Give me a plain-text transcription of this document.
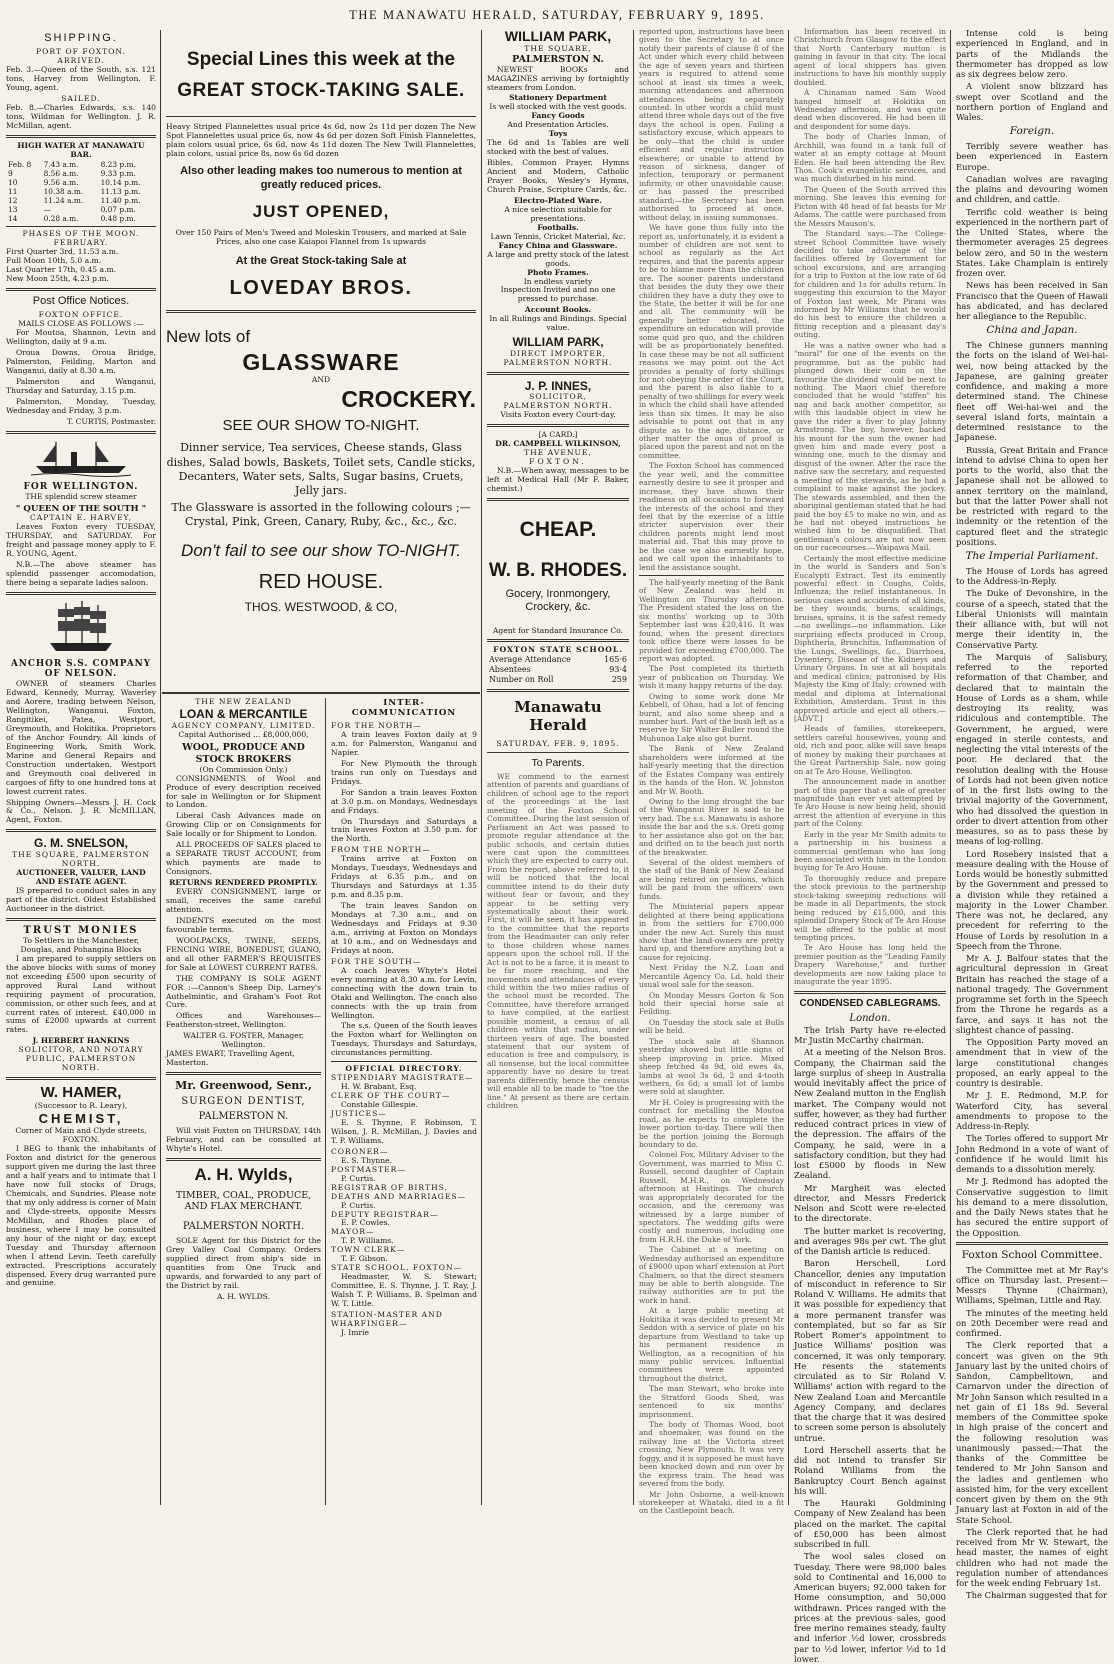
THE MANAWATU HERALD, SATURDAY, FEBRUARY 9, 1895.
SHIPPING.
PORT OF FOXTON.
ARRIVED.

Feb. 3.—Queen of the South, s.s. 121 tons, Harvey from Wellington. F. Young, agent.

SAILED.

Feb. 8.—Charles Edwards, s.s. 140 tons, Wildman for Wellington. J. R. McMillan, agent.

HIGH WATER AT MANAWATU BAR.
Feb. 8	7.43 a.m.	8.23 p.m.
9	8.56 a.m.	9.33 p.m.
10	9.56 a.m.	10.14 p.m.
11	10.38 a.m.	11.13 p.m.
12	11.24 a.m.	11.40 p.m.
13	—	0.07 p.m.
14	0.28 a.m.	0.48 p.m.
PHASES OF THE MOON.
FEBRUARY.
First Quarter 3rd, 11.53 a.m.
Full Moon 10th, 5.0 a.m.
Last Quarter 17th, 0.45 a.m.
New Moon 25th, 4.23 p.m.
Post Office Notices.
FOXTON OFFICE.
MAILS CLOSE AS FOLLOWS :—

For Moutoa, Shannon, Levin and Wellington, daily at 9 a.m.

Oroua Downs, Oroua Bridge, Palmerston, Feilding, Marton and Wanganui, daily at 8.30 a.m.

Palmerston and Wanganui, Thursday and Saturday, 3.15 p.m.

Palmerston, Monday, Tuesday, Wednesday and Friday, 3 p.m.

T. CURTIS, Postmaster.
FOR WELLINGTON.

THE splendid screw steamer

" QUEEN OF THE SOUTH "
CAPTAIN E. HARVEY,

Leaves Foxton every TUESDAY, THURSDAY, and SATURDAY. For freight and passage money apply to F. R. YOUNG, Agent.

N.B.—The above steamer has splendid passenger accomodation, there being a separate ladies saloon.

ANCHOR S.S. COMPANY OF NELSON.

OWNER of steamers Charles Edward, Kennedy, Murray, Waverley and Aorere, trading between Nelson, Wellington, Wanganui, Foxton, Rangitikei, Patea, Westport, Greymouth, and Hokitika. Proprietors of the Anchor Foundry. All kinds of Engineering Work, Smith Work, Marine and General Repairs and Construction undertaken. Westport and Greymouth coal delivered in cargoes of fifty to one hundred tons at lowest current rates.

Shipping Owners—Messrs J. H. Cock & Co., Nelson. J. R. McMILLAN, Agent, Foxton.

G. M. SNELSON,
THE SQUARE, PALMERSTON NORTH.
AUCTIONEER, VALUER, LAND AND ESTATE AGENT.

IS prepared to conduct sales in any part of the district. Oldest Established Auctioneer in the district.

TRUST MONIES
To Settlers in the Manchester, Douglas, and Pohangina Blocks

I am prepared to supply settlers on the above blocks with sums of money not exceeding £500 upon security of approved Rural Land without requiring payment of procuration, commission, or other such fees, and at current rates of interest. £40,000 in sums of £2000 upwards at current rates.

J. HERBERT HANKINS
SOLICITOR, AND NOTARY PUBLIC, PALMERSTON NORTH.
W. HAMER,
(Successor to R. Leary),
CHEMIST,
Corner of Main and Clyde streets, FOXTON.

I BEG to thank the inhabitants of Foxton and district for the generous support given me during the last three and a half years and to intimate that I have now full stocks of Drugs, Chemicals, and Sundries. Please note that my only address is corner of Main and Clyde-streets, opposite Messrs McMillan, and Rhodes place of business, where I may be consulted any hour of the night or day, except Tuesday and Thursday afternoon when I attend Levin. Teeth carefully extracted. Prescriptions accurately dispensed. Every drug warranted pure and genuine.

Special Lines this week at the
GREAT STOCK-TAKING SALE.

Heavy Striped Flannelettes usual price 4s 6d, now 2s 11d per dozen The New Spot Flannelettes usual price 6s, now 4s 6d per dozen Soft Finish Flannelettes, plain colors usual price, 6s 6d, now 4s 11d dozen The New Twill Flannelettes, plain colors, usual price 8s, now 6s 6d dozen

Also other leading makes too numerous to mention at greatly reduced prices.
JUST OPENED,

Over 150 Pairs of Men's Tweed and Moleskin Trousers, and marked at Sale Prices, also one case Kaiapoi Flannel from 1s upwards

At the Great Stock-taking Sale at
LOVEDAY BROS.
New lots of
GLASSWARE
AND
CROCKERY.
SEE OUR SHOW TO-NIGHT.

Dinner service, Tea services, Cheese stands, Glass dishes, Salad bowls, Baskets, Toilet sets, Candle sticks, Decanters, Water sets, Salts, Sugar basins, Cruets, Jelly jars.

The Glassware is assorted in the following colours ;— Crystal, Pink, Green, Canary, Ruby, &c., &c., &c.

Don't fail to see our show TO-NIGHT.
RED HOUSE.
THOS. WESTWOOD, & CO,
THE NEW ZEALAND
LOAN & MERCANTILE
AGENCY COMPANY, LIMITED.
Capital Authorised ... £8,000,000,
WOOL, PRODUCE AND STOCK BROKERS
(On Commission Only.)

CONSIGNMENTS of Wool and Produce of every description received for sale in Wellington or for Shipment to London.

Liberal Cash Advances made on Growing Clip or on Consignments for Sale locally or for Shipment to London.

ALL PROCEEDS OF SALES placed to a SEPARATE TRUST ACCOUNT, from which payments are made to Consignors.

RETURNS RENDERED PROMPTLY.

EVERY CONSIGNMENT, large or small, receives the same careful attention.

INDENTS executed on the most favourable terms.

WOOLPACKS, TWINE, SEEDS, FENCING WIRE, BONEDUST, GUANO, and all other FARMER'S REQUISITES for Sale at LOWEST CURRENT RATES.

THE COMPANY IS SOLE AGENT FOR :—Cannon's Sheep Dip, Larney's Authelmintic, and Graham's Foot Rot Cure.

Offices and Warehouses—Featherston-street, Wellington.

WALTER G. FOSTER, Manager, Wellington.
JAMES EWART, Travelling Agent, Masterton.
Mr. Greenwood, Senr.,
SURGEON DENTIST,
PALMERSTON N.

Will visit Foxton on THURSDAY, 14th February, and can be consulted at Whyte's Hotel.

A. H. Wylds,
TIMBER, COAL, PRODUCE, AND FLAX MERCHANT.
PALMERSTON NORTH.

SOLE Agent for this District for the Grey Valley Coal Company. Orders supplied direct from ship's side in quantities from One Truck and upwards, and forwarded to any part of the District by rail.

A. H. WYLDS.
INTER-COMMUNICATION
FOR THE NORTH—

A train leaves Foxton daily at 9 a.m. for Palmerston, Wanganui and Napier.

For New Plymouth the through trains run only on Tuesdays and Fridays.

For Sandon a train leaves Foxton at 3.0 p.m. on Mondays, Wednesdays and Fridays.

On Thursdays and Saturdays a train leaves Foxton at 3.50 p.m. for the North.

FROM THE NORTH—

Trains arrive at Foxton on Mondays, Tuesdays, Wednesdays and Fridays at 6.35 p.m., and on Thursdays and Saturdays at 1.35 p.m. and 8.35 p.m.

The train leaves Sandon on Mondays at 7.30 a.m., and on Wednesdays and Fridays at 9.30 a.m., arriving at Foxton on Mondays at 10 a.m., and on Wednesdays and Fridays at noon.

FOR THE SOUTH—

A coach leaves Whyte's Hotel every morning at 8.30 a.m. for Levin, connecting with the down train to Otaki and Wellington. The coach also connects with the up train from Wellington.

The s.s. Queen of the South leaves the Foxton wharf for Wellington on Tuesdays, Thursdays and Saturdays, circumstances permitting.

OFFICIAL DIRECTORY.
STIPENDIARY MAGISTRATE—
H. W. Brabant, Esq.
CLERK OF THE COURT—
Constable Gillespie.
JUSTICES—

E. S. Thynne, F. Robinson, T. Wilson, J. R. McMillan, J. Davies and T. P. Williams.

CORONER—
E. S. Thynne.
POSTMASTER—
P. Curtis.
REGISTRAR OF BIRTHS, DEATHS AND MARRIAGES—
P. Curtis.
DEPUTY REGISTRAR—
E. P. Cowles.
MAYOR—
T. P. Williams.
TOWN CLERK—
T. F. Gibson.
STATE SCHOOL, FOXTON—

Headmaster, W. S. Stewart; Committee, E. S. Thynne, J. T. Ray, J. Walsh T. P. Williams, B. Spelman and W. T. Little.

STATION-MASTER AND WHARFINGER—
J. Imrie
WILLIAM PARK,
THE SQUARE,
PALMERSTON N.

NEWEST BOOKs and MAGAZINES arriving by fortnightly steamers from London.

Stationery Department
Is well stocked with the vest goods.
Fancy Goods
And Presentation Articles.
Toys

The 6d and 1s Tables are well stocked with the best of values.

Bibles, Common Prayer, Hymns Ancient and Modern, Catholic Prayer Books, Wesley's Hymns, Church Praise, Scripture Cards, &c.

Electro-Plated Ware.
A nice selection suitable for presentations.
Footballs.
Lawn Tennis, Cricket Material, &c.
Fancy China and Glassware.
A large and pretty stock of the latest goods.
Photo Frames.
In endless variety

Inspection Invited and no one pressed to purchase.

Account Books.
In all Rulings and Bindings. Special value.
WILLIAM PARK,
DIRECT IMPORTER,
PALMERSTON NORTH.
J. P. INNES,
SOLICITOR,
PALMERSTON NORTH.
Visits Foxton every Court-day.
[A CARD.]
DR. CAMPBELL WILKINSON,
THE AVENUE,
FOXTON.

N.B.—When away, messages to be left at Medical Hall (Mr F. Baker, chemist.)

CHEAP.
W. B. RHODES.
Gocery, Ironmongery, Crockery, &c.
Agent for Standard Insurance Co.
FOXTON STATE SCHOOL.
Average Attendance	165·6
Absentees	93·4
Number on Roll	259
Manawatu Herald
SATURDAY, FEB. 9, 1895.
To Parents.

WE commend to the earnest attention of parents and guardians of children of school age to the report of the proceedings at the last meeting of the Foxton School Committee. During the last session of Parliament an Act was passed to promote regular attendance at the public schools, and certain duties were cast upon the committees which they are expected to carry out. From the report, above referred to, it will be noticed that the local committee intend to do their duty without fear or favour, and they appear to be setting very systematically about their work. First, it will be seen, it has appeared to the committee that the reports from the Headmaster can only refer to those children whose names appears upon the school roll. If the Act is not to be a farce, it is meant to be far more reaching, and the movements and attendances of every child within the two miles radius of the school must be recorded. The Committee, have therefore arranged to have compiled, at the earliest possible moment, a census of all children within that radius, under thirteen years of age. The boasted statement that our system of education is free and compulsory, is all nonsense, but the local committee apparently have no desire to treat parents differently, hence the census will enable all to be made to "toe the line." At present as there are certain children

reported upon, instructions have been given to the Secretary to at once notify their parents of clause 8 of the Act under which every child between the age of seven years and thirteen years is required to attend some school at least six times a week, morning attendances and afternoon attendances being separately counted. In other words a child must attend three whole days out of the five days the school is open. Failing a satisfactory excuse, which appears to be only—that the child is under efficient and regular instruction elsewhere; or unable to attend by reason of sickness, danger of infection, temporary or permanent infirmity, or other unavoidable cause; or has passed the prescribed standard;—the Secretary has been authorised to proceed at once, without delay, in issuing summonses.

We have gone thus fully into the report as, unfortunately, it is evident a number of children are not sent to school as regularly as the Act requires, and that the parents appear to be to blame more than the children are. The sooner parents understand that besides the duty they owe their children they have a duty they owe to the State, the better it will be for one and all. The community will be generally better educated, the expenditure on education will provide some quid pro quo, and the children will be as proportionately benefited. In case these may be not all sufficient reasons we may point out the Act provides a penalty of forty shillings for not obeying the order of the Court, and the parent is also liable to a penalty of two shillings for every week in which the child shall have attended less than six times. It may be also advisable to point out that in any dispute as to the age, distance, or other matter the onus of proof is placed upon the parent and not on the committee.

The Foxton School has commenced the year well, and the committee earnestly desire to see it prosper and increase, they have shown their readiness on all occasions to forward the interests of the school and they feel that by the exercise of a little stricter supervision over their children parents might lend most material aid. That this may prove to be the case we also earnestly hope, and we call upon the inhabitants to lend the assistance sought.

The half-yearly meeting of the Bank of New Zealand was held in Wellington on Thursday afternoon. The President stated the loss on the six months' working up to 30th September last was £20,416. It was found, when the present directors took office there were losses to be provided for exceeding £700,000. The report was adopted.

The Post completed its thirtieth year of publication on Thursday. We wish it many happy returns of the day.

Owing to some work done Mr Kebbell, of Ohau, had a lot of fencing burnt, and also some sheep and a number hurt. Part of the bush left as a reserve by Sir Walter Buller round the Muhunoa Lake also got burnt.

The Bank of New Zealand shareholders were informed at the half-yearly meeting that the direction of the Estates Company was entirely in the hands of the Hon. W. Johnston and Mr W. Booth.

Owing to the long drought the bar of the Wanganui River is said to be very bad. The s.s. Manawatu is ashore inside the bar and the s.s. Oreti going to her assistance also got on the bar, and drifted on to the beach just north of the breakwater.

Several of the oldest members of the staff of the Bank of New Zealand are being retired on pensions, which will be paid from the officers' own funds.

The Ministerial papers appear delighted at there being applications in from the settlers for £700,000 under the new Act. Surely this must show that the land-owners are pretty hard up, and therefore anything but a cause for rejoicing.

Next Friday the N.Z. Loan and Mercantile Agency Co. Ld. hold their usual wool sale for the season.

On Monday Messrs Gorton & Son hold their special horse sale at Feilding.

On Tuesday the stock sale at Bulls will be held.

The stock sale at Shannon yesterday showed but little signs of sheep improving in price. Mixed sheep fetched 4s 9d, old ewes 4s, lambs at wool 3s 6d, 2 and 4-tooth wethers, 6s 6d; a small lot of lambs were sold at slaughter.

Mr H. Coley is progressing with the contract for metalling the Moutoa road, as he expects to complete the lower portion to-day. There will then be the portion joining the Borough boundary to do.

Colonel Fox, Military Adviser to the Government, was married to Miss C. Russell, second daughter of Captain Russell, M.H.R., on Wednesday afternoon at Hastings. The church was appropriately decorated for the occasion, and the ceremony was witnessed by a large number of spectators. The wedding gifts were costly and numerous, including one from H.R.H. the Duke of York.

The Cabinet at a meeting on Wednesday authorised an expenditure of £9000 upon wharf extension at Port Chalmers, so that the direct steamers may be able to berth alongside. The railway authorities are to put the work in hand.

At a large public meeting at Hokitika it was decided to present Mr Seddon with a service of plate on his departure from Westland to take up his permanent residence in Wellington, as a recognition of his many public services. Influential committees were appointed throughout the district.

The man Stewart, who broke into the Stratford Goods Shed, was sentenced to six months' imprisonment.

The body of Thomas Wood, boot and shoemaker, was found on the railway line at the Victoria street crossing, New Plymouth. It was very foggy, and it is supposed he must have been knocked down and run over by the express train. The head was severed from the body.

Mr John Osborne, a well-known storekeeper at Whataki, died in a fit on the Castlepoint beach.

Information has been received in Christchurch from Glasgow to the effect that North Canterbury mutton is gaining in favour in that city. The local agent of local shippers has given instructions to have his monthly supply doubled.

A Chinaman named Sam Wood hanged himself at Hokitika on Wednesday afternoon, and was quite dead when discovered. He had been ill and despondent for some days.

The body of Charles Inman, of Archhill, was found in a tank full of water at an empty cottage at Mount Eden. He had been attending the Rev. Thos. Cook's evangelistic services, and was much disturbed in his mind.

The Queen of the South arrived this morning. She leaves this evening for Picton with 48 head of fat beasts for Mr Adams. The cattle were purchased from the Messrs Mauson's.

The Standard says:—The College-street School Committee have wisely decided to take advantage of the facilities offered by Government for school excursions, and are arranging for a trip to Foxton at the low rate of 6d for children and 1s for adults return. In suggesting this excursion to the Mayor of Foxton last week, Mr Pirani was informed by Mr Williams that he would do his best to ensure the children a fitting reception and a pleasant day's outing.

He was a native owner who had a "moral" for one of the events on the programme, but as the public had plunged down their coin on the favourite the dividend would be next to nothing. The Maori chief therefore concluded that he would "stiffen" his nag and back another competitor, so with this laudable object in view he gave the rider a fiver to play Johnny Armstrong. The boy, however, backed his mount for the sum the owner had given him and made every post a winning one, much to the dismay and disgust of the owner. After the race the native saw the secretary, and requested a meeting of the stewards, as he had a complaint to make against the jockey. The stewards assembled, and then the aboriginal gentleman stated that he had paid the boy £5 to make no win, and as he had not obeyed instructions he wished him to be disqualified. That gentleman's colours are not now seen on our racecourses.—Waipawa Mail.

Certainly the most effective medicine in the world is Sanders and Son's Eucalypti Extract. Test its eminently powerful effect in Coughs, Colds, Influenza; the relief instantaneous. In serious cases and accidents of all kinds, be they wounds, burns, scaldings, bruises, sprains, it is the safest remedy—no swellings—no inflammation. Like surprising effects produced in Croup, Diphtheria, Bronchitis, Inflammation of the Lungs, Swellings, &c., Diarrhoea, Dysentery, Disease of the Kidneys and Urinary Organs. In use at all hospitals and medical clinics; patronised by His Majesty the King of Italy; crowned with medal and diploma at International Exhibition, Amsterdam. Trust in this approved article and eject all others.—[ADVT.]

Heads of families, storekeepers, settlers careful housewives, young and old, rich and poor, alike will save heaps of money by making their purchases at the Great Partnership Sale, now going on at Te Aro House, Wellington.

The announcement made in another part of this paper that a sale of greater magnitude than ever yet attempted by Te Aro House is now being held, should arrest the attention of everyone in this part of the Colony.

Early in the year Mr Smith admits to a partnership in his business a commercial gentleman who has long been associated with him in the London buying for Te Aro House.

To thoroughly reduce and prepare the stock previous to the partnership stock-taking sweeping reductions will be made in all Departments, the stock being reduced by £15,000, and this splendid Drapery Stock of Te Aro House will be offered to the public at most tempting prices.

Te Aro House has long held the premier position as the "Leading Family Drapery Warehouse," and further developments are now taking place to inaugurate the year 1895.

CONDENSED CABLEGRAMS.
London.

The Irish Party have re-elected Mr Justin McCarthy chairman.

At a meeting of the Nelson Bros. Company, the Chairman said the large surplus of sheep in Australia would inevitably affect the price of New Zealand mutton in the English market. The Company would not suffer, however, as they had further reduced contract prices in view of the depression. The affairs of the Company, he said, were in a satisfactory condition, but they had lost £5000 by floods in New Zealand.

Mr Margheit was elected director, and Messrs Frederick Nelson and Scott were re-elected to the directorate.

The butter market is recovering, and averages 98s per cwt. The glut of the Danish article is reduced.

Baron Herschell, Lord Chancellor, denies any imputation of misconduct in reference to Sir Roland V. Williams. He admits that it was possible for expediency that a more permanent transfer was contemplated, but so far as Sir Robert Romer's appointment to Justice Williams' position was concerned, it was only temporary. He resents the statements circulated as to Sir Roland V. Williams' action with regard to the New Zealand Loan and Mercantile Agency Company, and declares that the charge that it was desired to screen some person is absolutely untrue.

Lord Herschell asserts that he did not intend to transfer Sir Roland Williams from the Bankruptcy Court Bench against his will.

The Hauraki Goldmining Company of New Zealand has been placed on the market. The capital of £50,000 has been almost subscribed in full.

The wool sales closed on Tuesday. There were 98,000 bales sold to Continental and 16,000 to American buyers; 92,000 taken for Home consumption, and 50,000 withdrawn. Prices ranged with the prices at the previous sales, good free merino remaines steady, faulty and inferior ½d lower, crossbreds par to ½d lower, inferior ½d to 1d lower.

Intense cold is being experienced in England, and in parts of the Midlands the thermometer has dropped as low as six degrees below zero.

A violent snow blizzard has swept over Scotland and the northern portion of England and Wales.

Foreign.

Terribly severe weather has been experienced in Eastern Europe.

Canadian wolves are ravaging the plains and devouring women and children, and cattle.

Terrific cold weather is being experienced in the northern part of the United States, where the thermometer averages 25 degrees below zero, and 50 in the western States. Lake Champlain is entirely frozen over.

News has been received in San Francisco that the Queen of Hawaii has abdicated, and has declared her allegiance to the Republic.

China and Japan.

The Chinese gunners manning the forts on the island of Wei-hai-wei, now being attacked by the Japanese, are gaining greater confidence, and making a more determined stand. The Chinese fleet off Wei-hai-wei and the several island forts, maintain a determined resistance to the Japanese.

Russia, Great Britain and France intend to advise China to open her ports to the world, also that the Japanese shall not be allowed to annex territory on the mainland, but that the latter Power shall not be restricted with regard to the indemnity or the retention of the captured fleet and the strategic positions.

The Imperial Parliament.

The House of Lords has agreed to the Address-in-Reply.

The Duke of Devonshire, in the course of a speech, stated that the Liberal Unionists will maintain their alliance with, but will not merge their identity in, the Conservative Party.

The Marquis of Salisbury, referred to the reported reformation of that Chamber, and declared that to maintain the House of Lords as a sham, while destroying its reality, was ridiculous and contemptible. The Government, he argued, were engaged in sterile contests, and neglecting the vital interests of the poor. He declared that the resolution dealing with the House of Lords had not been given notice of in the first lists owing to the trivial majority of the Government, who had dissolved the question in order to divert attention from other measures, so as to pass these by means of log-rolling.

Lord Rosebery insisted that a measure dealing with the House of Lords would be honestly submitted by the Government and pressed to a division while they retained a majority in the Lower Chamber. There was not, he declared, any precedent for referring to the House of Lords by resolution in a Speech from the Throne.

Mr A. J. Balfour states that the agricultural depression in Great Britain has reached the stage of a national tragedy. The Government programme set forth in the Speech from the Throne he regards as a farce, and says it has not the slightest chance of passing.

The Opposition Party moved an amendment that in view of the large constitutional changes proposed, an early appeal to the country is desirable.

Mr J. E. Redmond, M.P. for Waterford City, has several amendments to propose to the Address-in-Reply.

The Tories offered to support Mr John Redmond in a vote of want of confidence if he would limit his demands to a dissolution merely.

Mr J. Redmond has adopted the Conservative suggestion to limit his demand to a mere dissolution, and the Daily News states that he has secured the entire support of the Opposition.

Foxton School Committee.

The Committee met at Mr Ray's office on Thursday last. Present—Messrs Thynne (Chairman), Williams, Spelman, Little and Ray.

The minutes of the meeting held on 20th December were read and confirmed.

The Clerk reported that a concert was given on the 9th January last by the united choirs of Sandon, Campbelltown, and Carnarvon under the direction of Mr John Sanson which resulted in a net gain of £1 18s 9d. Several members of the Committee spoke in high praise of the concert and the following resolution was unanimously passed:—That the thanks of the Committee be tendered to Mr John Sanson and the ladies and gentlemen who assisted him, for the very excellent concert given by them on the 9th January last at Foxton in aid of the State School.

The Clerk reported that he had received from Mr W. Stewart, the head master, the names of eight children who had not made the regulation number of attendances for the week ending February 1st.

The Chairman suggested that for
